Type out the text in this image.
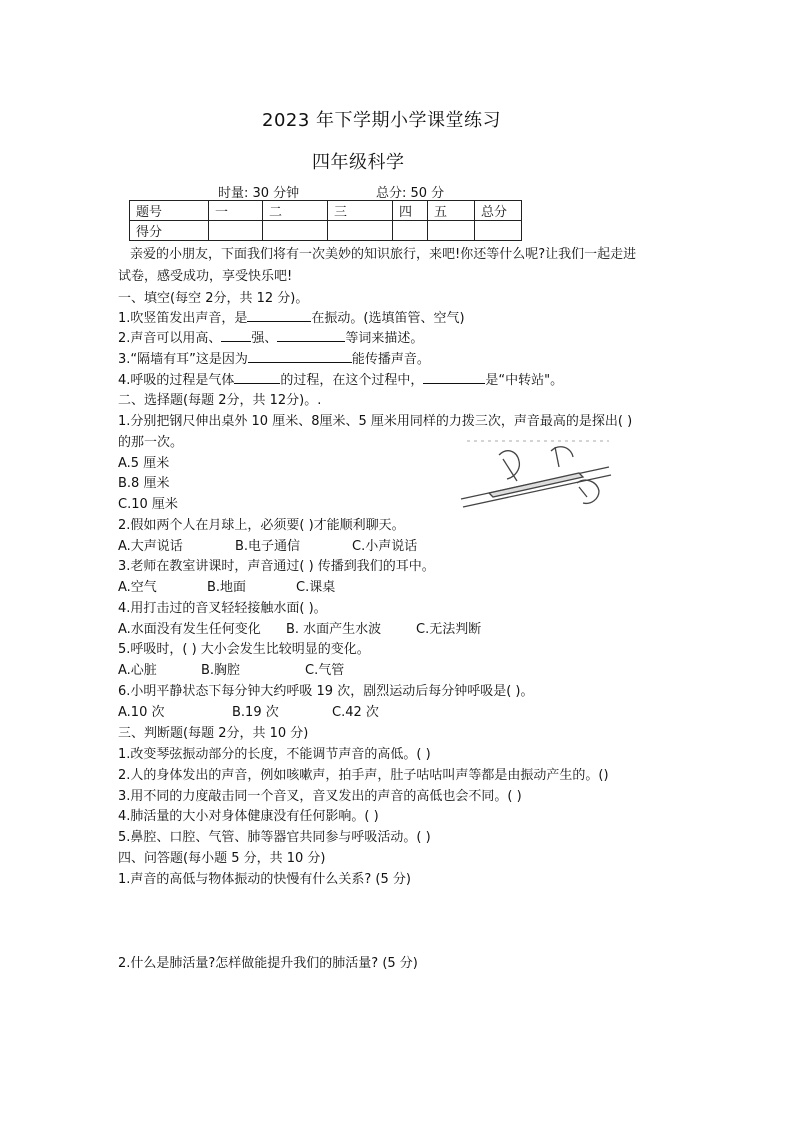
2023 年下学期小学课堂练习
四年级科学
时量: 30 分钟	总分: 50 分
题号	一	二	三	四	五	总分
得分						
亲爱的小朋友，下面我们将有一次美妙的知识旅行，来吧!你还等什么呢?让我们一起走进
试卷，感受成功，享受快乐吧!
一、填空(每空 2分，共 12 分)。
1.吹竖笛发出声音，是	在振动。(选填笛管、空气)
2.声音可以用高、 强、	等词来描述。
3.“隔墙有耳”这是因为	能传播声音。
4.呼吸的过程是气体	的过程，在这个过程中，	是“中转站"。
二、选择题(每题 2分，共 12分)。.
1.分别把钢尺伸出桌外 10 厘米、8厘米、5 厘米用同样的力拨三次，声音最高的是探出( )
的那一次。
A.5 厘米
B.8 厘米
C.10 厘米
2.假如两个人在月球上，必须要( )才能顺利聊天。
A.大声说话	B.电子通信	C.小声说话
3.老师在教室讲课时，声音通过( ) 传播到我们的耳中。
A.空气	B.地面	C.课桌
4.用打击过的音叉轻轻接触水面( )。
A.水面没有发生任何变化 B. 水面产生水波	C.无法判断
5.呼吸时，( ) 大小会发生比较明显的变化。
A.心脏	B.胸腔	C.气管
6.小明平静状态下每分钟大约呼吸 19 次，剧烈运动后每分钟呼吸是( )。
A.10 次	B.19 次	C.42 次
三、判断题(每题 2分，共 10 分)
1.改变琴弦振动部分的长度，不能调节声音的高低。( )
2.人的身体发出的声音，例如咳嗽声，拍手声，肚子咕咕叫声等都是由振动产生的。()
3.用不同的力度敲击同一个音叉，音叉发出的声音的高低也会不同。( )
4.肺活量的大小对身体健康没有任何影响。( )
5.鼻腔、口腔、气管、肺等器官共同参与呼吸活动。( )
四、问答题(每小题 5 分，共 10 分)
1.声音的高低与物体振动的快慢有什么关系? (5 分)
2.什么是肺活量?怎样做能提升我们的肺活量? (5 分)
